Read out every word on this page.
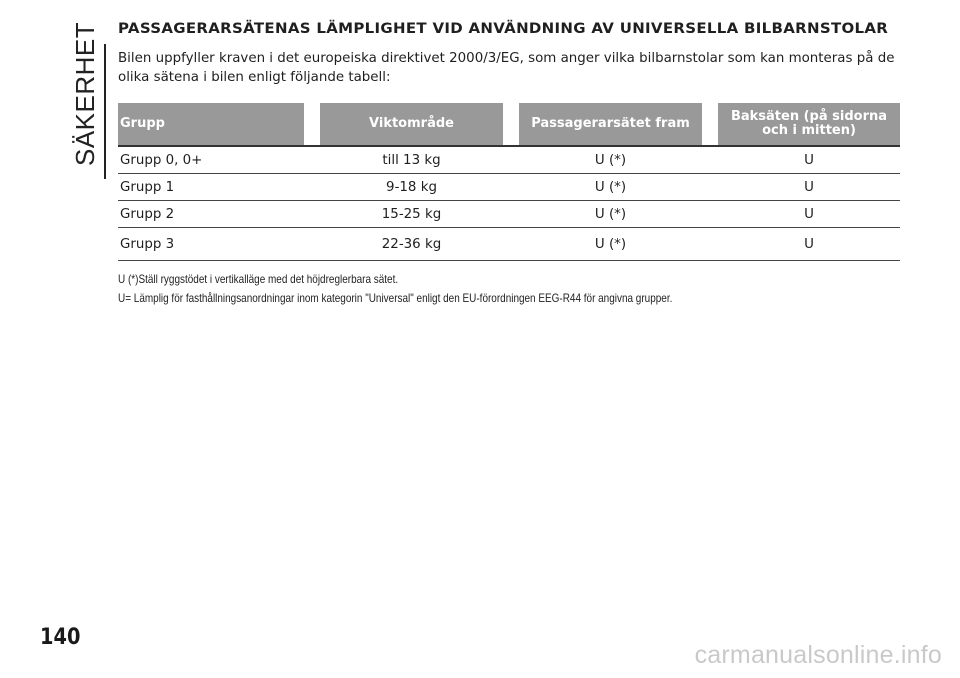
SÄKERHET PASSAGERARSÄTENAS LÄMPLIGHET VID ANVÄNDNING AV UNIVERSELLA BILBARNSTOLAR

Bilen uppfyller kraven i det europeiska direktivet 2000/3/EG, som anger vilka bilbarnstolar som kan monteras på de olika sätena i bilen enligt följande tabell:

Grupp		Viktområde		Passagerarsätet fram		Baksäten (på sidorna och i mitten)
Grupp 0, 0+		till 13 kg		U (*)		U
Grupp 1		9-18 kg		U (*)		U
Grupp 2		15-25 kg		U (*)		U
Grupp 3		22-36 kg		U (*)		U

U (*)Ställ ryggstödet i vertikalläge med det höjdreglerbara sätet.

U= Lämplig för fasthållningsanordningar inom kategorin "Universal" enligt den EU-förordningen EEG-R44 för angivna grupper.

140
carmanualsonline.info
